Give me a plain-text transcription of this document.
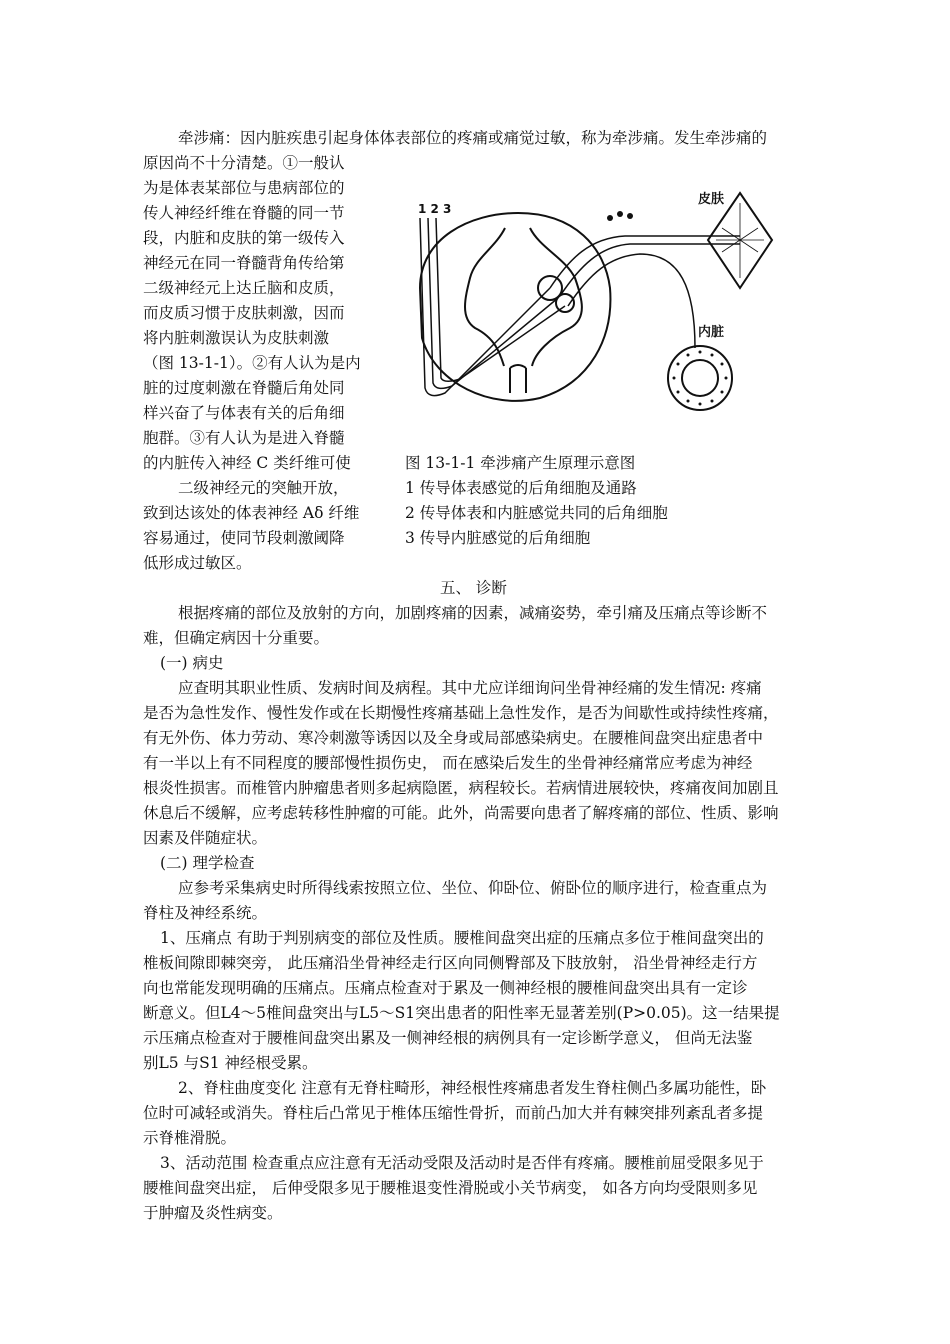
牵涉痛：因内脏疾患引起身体体表部位的疼痛或痛觉过敏，称为牵涉痛。发生牵涉痛的
原因尚不十分清楚。①一般认
为是体表某部位与患病部位的
传人神经纤维在脊髓的同一节
段，内脏和皮肤的第一级传入
神经元在同一脊髓背角传给第
二级神经元上达丘脑和皮质，
而皮质习惯于皮肤刺激，因而
将内脏刺激误认为皮肤刺激
（图 13-1-1）。②有人认为是内
脏的过度刺激在脊髓后角处同
样兴奋了与体表有关的后角细
胞群。③有人认为是进入脊髓
的内脏传入神经 C 类纤维可使
二级神经元的突触开放，
致到达该处的体表神经 Aδ 纤维
容易通过，使同节段刺激阈降
低形成过敏区。
1 2 3
皮肤
内脏
图 13-1-1 牵涉痛产生原理示意图
1 传导体表感觉的后角细胞及通路
2 传导体表和内脏感觉共同的后角细胞
3 传导内脏感觉的后角细胞
五、 诊断
根据疼痛的部位及放射的方向，加剧疼痛的因素，减痛姿势，牵引痛及压痛点等诊断不
难，但确定病因十分重要。
(一) 病史
应查明其职业性质、发病时间及病程。其中尤应详细询问坐骨神经痛的发生情况: 疼痛
是否为急性发作、慢性发作或在长期慢性疼痛基础上急性发作，是否为间歇性或持续性疼痛，
有无外伤、体力劳动、寒冷刺激等诱因以及全身或局部感染病史。在腰椎间盘突出症患者中
有一半以上有不同程度的腰部慢性损伤史， 而在感染后发生的坐骨神经痛常应考虑为神经
根炎性损害。而椎管内肿瘤患者则多起病隐匿，病程较长。若病情进展较快，疼痛夜间加剧且
休息后不缓解，应考虑转移性肿瘤的可能。此外，尚需要向患者了解疼痛的部位、性质、影响
因素及伴随症状。
(二) 理学检查
应参考采集病史时所得线索按照立位、坐位、仰卧位、俯卧位的顺序进行，检查重点为
脊柱及神经系统。
1、压痛点 有助于判别病变的部位及性质。腰椎间盘突出症的压痛点多位于椎间盘突出的
椎板间隙即棘突旁， 此压痛沿坐骨神经走行区向同侧臀部及下肢放射， 沿坐骨神经走行方
向也常能发现明确的压痛点。压痛点检查对于累及一侧神经根的腰椎间盘突出具有一定诊
断意义。但L4～5椎间盘突出与L5～S1突出患者的阳性率无显著差别(P>0.05)。这一结果提
示压痛点检查对于腰椎间盘突出累及一侧神经根的病例具有一定诊断学意义， 但尚无法鉴
别L5 与S1 神经根受累。
2、脊柱曲度变化 注意有无脊柱畸形，神经根性疼痛患者发生脊柱侧凸多属功能性，卧
位时可减轻或消失。脊柱后凸常见于椎体压缩性骨折，而前凸加大并有棘突排列紊乱者多提
示脊椎滑脱。
3、活动范围 检查重点应注意有无活动受限及活动时是否伴有疼痛。腰椎前屈受限多见于
腰椎间盘突出症， 后伸受限多见于腰椎退变性滑脱或小关节病变， 如各方向均受限则多见
于肿瘤及炎性病变。
